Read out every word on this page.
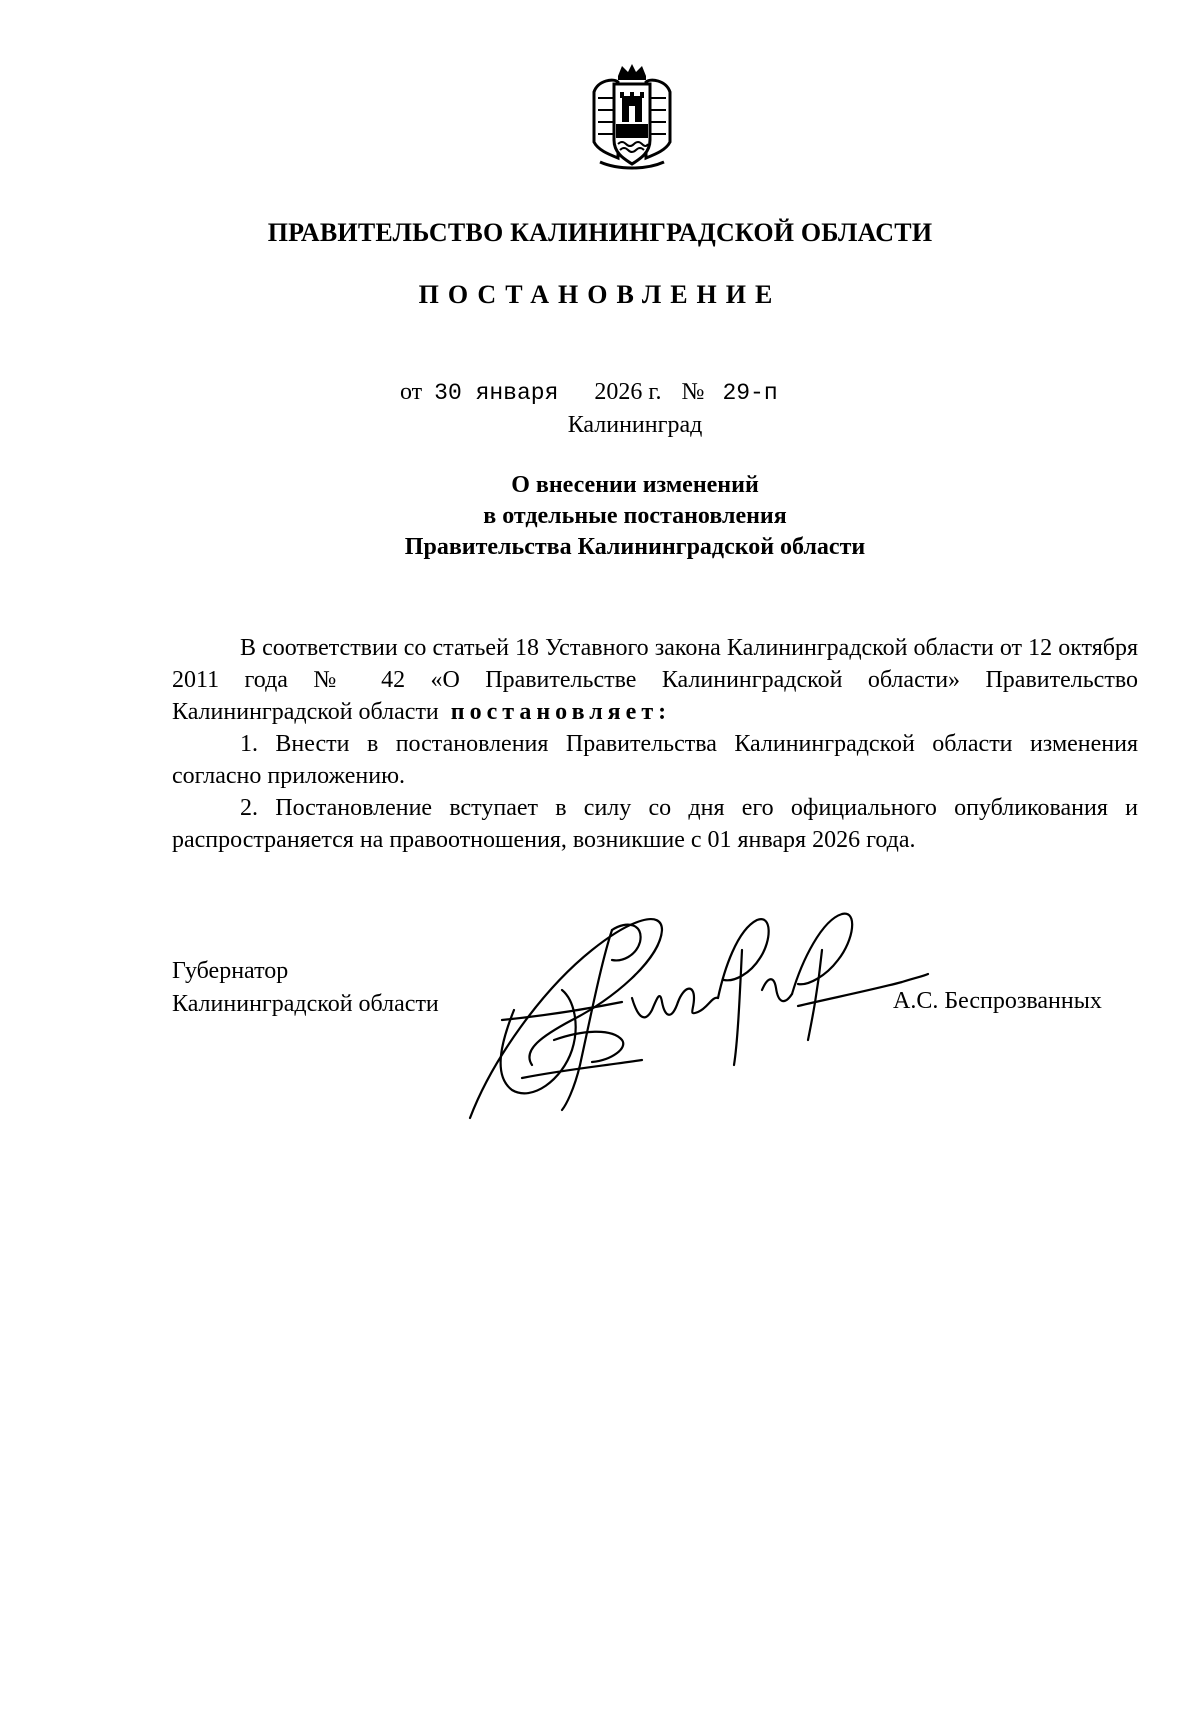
ПРАВИТЕЛЬСТВО КАЛИНИНГРАДСКОЙ ОБЛАСТИ
ПОСТАНОВЛЕНИЕ
от 30 января 2026 г. № 29-п
Калининград
О внесении изменений
в отдельные постановления
Правительства Калининградской области

В соответствии со статьей 18 Уставного закона Калининградской области от 12 октября 2011 года № 42 «О Правительстве Калининградской области» Правительство Калининградской области постановляет:

1. Внести в постановления Правительства Калининградской области изменения согласно приложению.

2. Постановление вступает в силу со дня его официального опубликования и распространяется на правоотношения, возникшие с 01 января 2026 года.

Губернатор
Калининградской области	А.С. Беспрозванных
